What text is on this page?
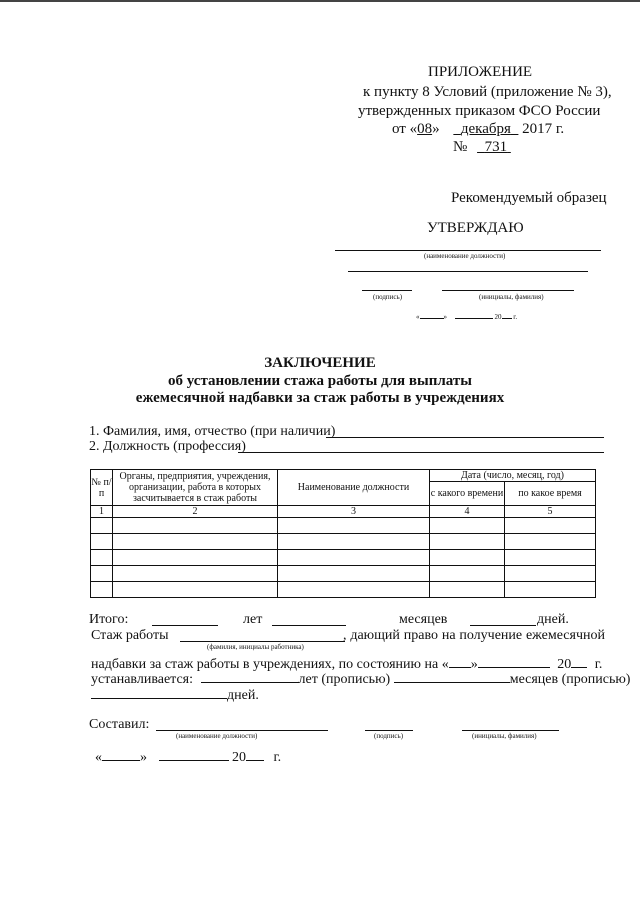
ПРИЛОЖЕНИЕ
к пункту 8 Условий (приложение № 3),
утвержденных приказом ФСО России
от «08» декабря 2017 г.
№ 731
Рекомендуемый образец
УТВЕРЖДАЮ
(наименование должности)
(подпись)	(инициалы, фамилия)
«	»	20 г.
ЗАКЛЮЧЕНИЕ
об установлении стажа работы для выплаты
ежемесячной надбавки за стаж работы в учреждениях
1. Фамилия, имя, отчество (при наличии)
2. Должность (профессия)
№ п/п	Органы, предприятия, учреждения, организации, работа в которых засчитывается в стаж работы	Наименование должности	Дата (число, месяц, год)	
			с какого времени	по какое время
1	2	3	4	5

Итого:	лет	месяцев	дней.
Стаж работы
(фамилия, инициалы работника)
, дающий право на получение ежемесячной
надбавки за стаж работы в учреждениях, по состоянию на « »	20 г.
устанавливается:	лет (прописью)	месяцев (прописью)
дней.
Составил:
(наименование должности)	(подпись)	(инициалы, фамилия)
«	»	20 г.
